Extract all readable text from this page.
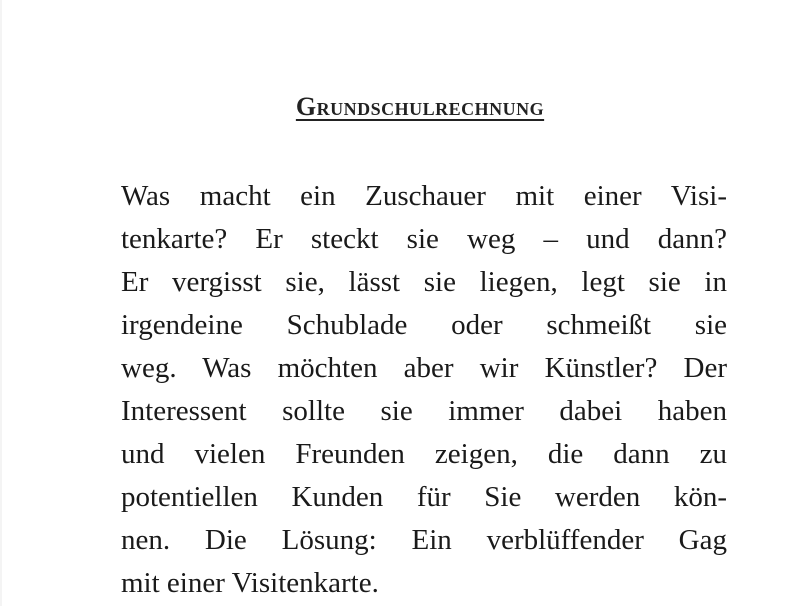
Grundschulrechnung
Was macht ein Zuschauer mit einer Visi-
tenkarte? Er steckt sie weg – und dann?
Er vergisst sie, lässt sie liegen, legt sie in
irgendeine Schublade oder schmeißt sie
weg. Was möchten aber wir Künstler? Der
Interessent sollte sie immer dabei haben
und vielen Freunden zeigen, die dann zu
potentiellen Kunden für Sie werden kön-
nen. Die Lösung: Ein verblüffender Gag
mit einer Visitenkarte.
